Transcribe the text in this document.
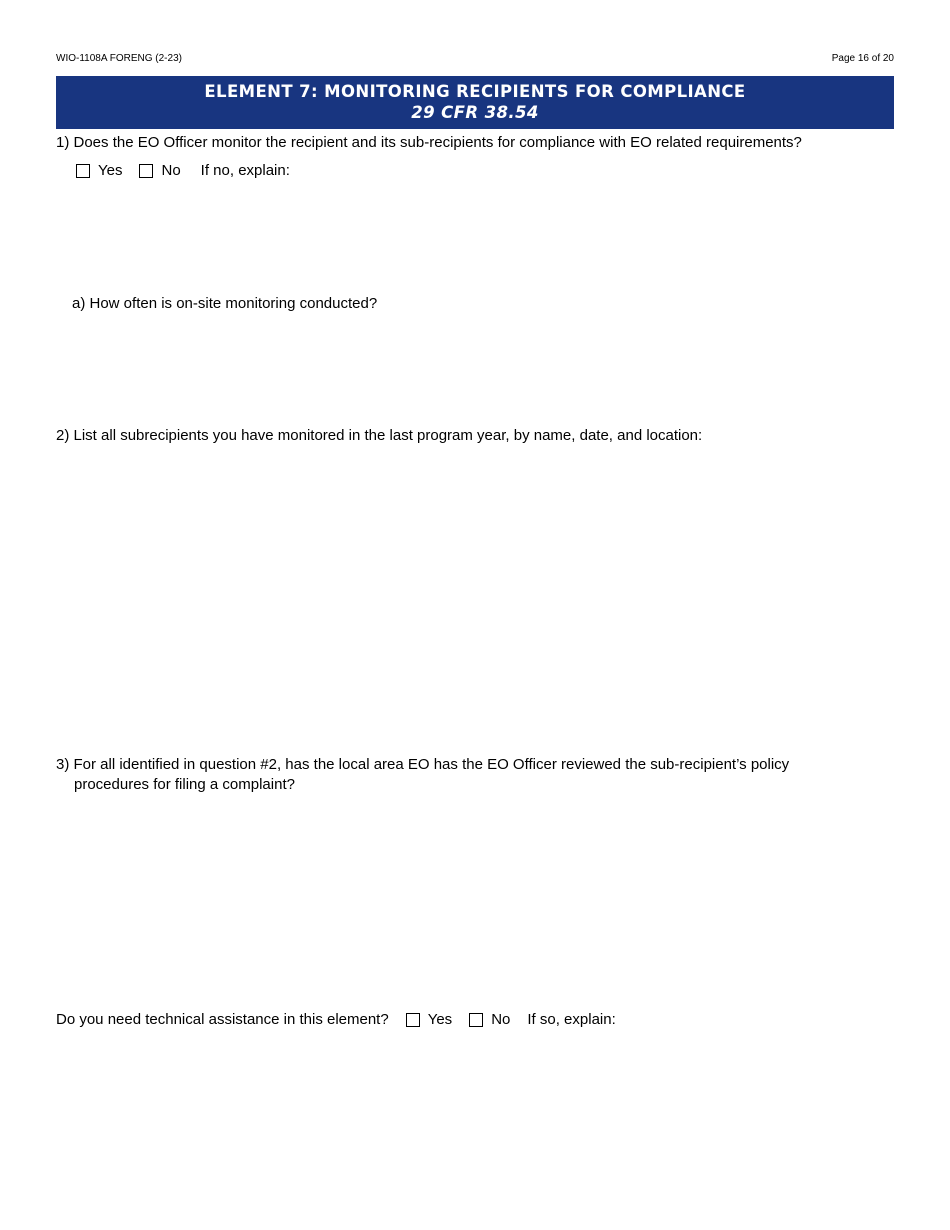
WIO-1108A FORENG (2-23)	Page 16 of 20
ELEMENT 7: MONITORING RECIPIENTS FOR COMPLIANCE
29 CFR 38.54
1) Does the EO Officer monitor the recipient and its sub-recipients for compliance with EO related requirements?
Yes	No If no, explain:
a) How often is on-site monitoring conducted?
2) List all subrecipients you have monitored in the last program year, by name, date, and location:
3) For all identified in question #2, has the local area EO has the EO Officer reviewed the sub-recipient’s policy
procedures for filing a complaint?
Do you need technical assistance in this element?	Yes	No If so, explain:
